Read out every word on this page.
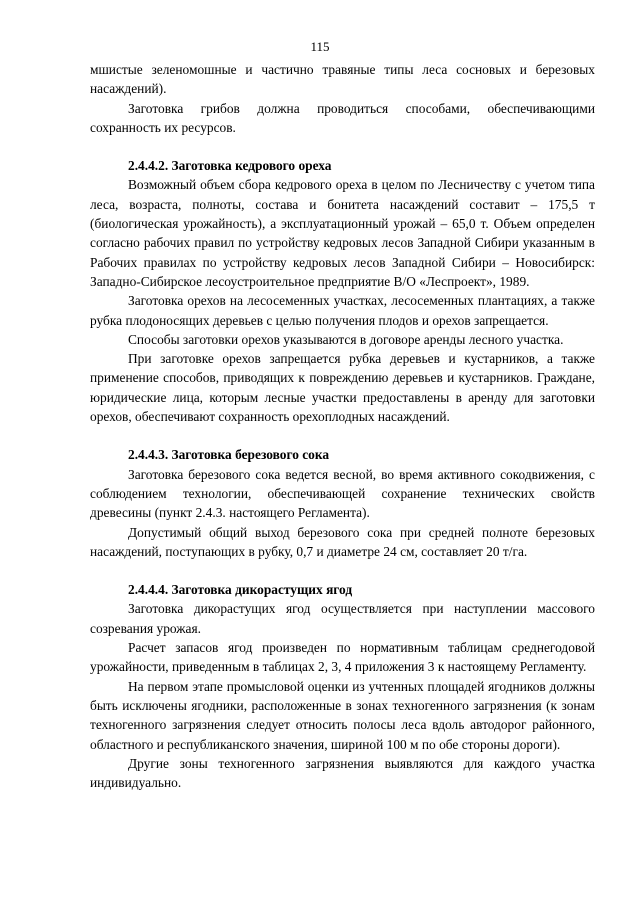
115

мшистые зеленомошные и частично травяные типы леса сосновых и березовых насаждений).

Заготовка грибов должна проводиться способами, обеспечивающими сохранность их ресурсов.

2.4.4.2. Заготовка кедрового ореха

Возможный объем сбора кедрового ореха в целом по Лесничеству с учетом типа леса, возраста, полноты, состава и бонитета насаждений составит – 175,5 т (биологическая урожайность), а эксплуатационный урожай – 65,0 т. Объем определен согласно рабочих правил по устройству кедровых лесов Западной Сибири указанным в Рабочих правилах по устройству кедровых лесов Западной Сибири – Новосибирск: Западно-Сибирское лесоустроительное предприятие В/О «Леспроект», 1989.

Заготовка орехов на лесосеменных участках, лесосеменных плантациях, а также рубка плодоносящих деревьев с целью получения плодов и орехов запрещается.

Способы заготовки орехов указываются в договоре аренды лесного участка.

При заготовке орехов запрещается рубка деревьев и кустарников, а также применение способов, приводящих к повреждению деревьев и кустарников. Граждане, юридические лица, которым лесные участки предоставлены в аренду для заготовки орехов, обеспечивают сохранность орехоплодных насаждений.

2.4.4.3. Заготовка березового сока

Заготовка березового сока ведется весной, во время активного сокодвижения, с соблюдением технологии, обеспечивающей сохранение технических свойств древесины (пункт 2.4.3. настоящего Регламента).

Допустимый общий выход березового сока при средней полноте березовых насаждений, поступающих в рубку, 0,7 и диаметре 24 см, составляет 20 т/га.

2.4.4.4. Заготовка дикорастущих ягод

Заготовка дикорастущих ягод осуществляется при наступлении массового созревания урожая.

Расчет запасов ягод произведен по нормативным таблицам среднегодовой урожайности, приведенным в таблицах 2, 3, 4 приложения 3 к настоящему Регламенту.

На первом этапе промысловой оценки из учтенных площадей ягодников должны быть исключены ягодники, расположенные в зонах техногенного загрязнения (к зонам техногенного загрязнения следует относить полосы леса вдоль автодорог районного, областного и республиканского значения, шириной 100 м по обе стороны дороги).

Другие зоны техногенного загрязнения выявляются для каждого участка индивидуально.
